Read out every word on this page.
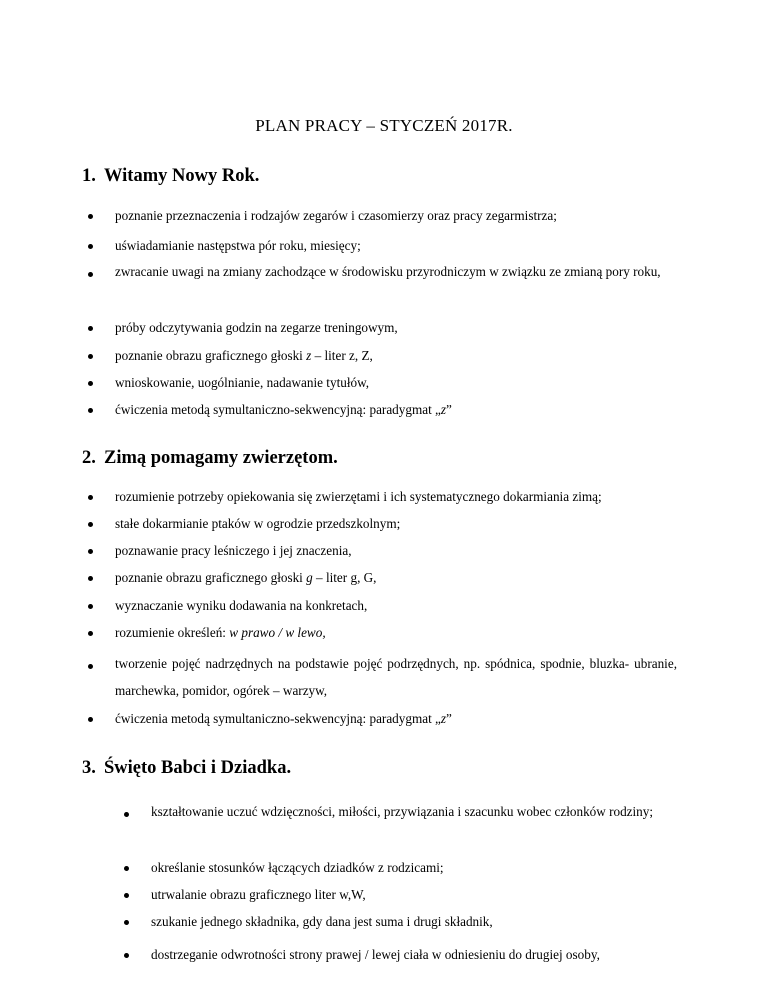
PLAN PRACY – STYCZEŃ 2017R.
1. Witamy Nowy Rok.
poznanie przeznaczenia i rodzajów zegarów i czasomierzy oraz pracy zegarmistrza;
uświadamianie następstwa pór roku, miesięcy;
zwracanie uwagi na zmiany zachodzące w środowisku przyrodniczym w związku ze zmianą pory roku,
próby odczytywania godzin na zegarze treningowym,
poznanie obrazu graficznego głoski z – liter z, Z,
wnioskowanie, uogólnianie, nadawanie tytułów,
ćwiczenia metodą symultaniczno-sekwencyjną: paradygmat „z”
2. Zimą pomagamy zwierzętom.
rozumienie potrzeby opiekowania się zwierzętami i ich systematycznego dokarmiania zimą;
stałe dokarmianie ptaków w ogrodzie przedszkolnym;
poznawanie pracy leśniczego i jej znaczenia,
poznanie obrazu graficznego głoski g – liter g, G,
wyznaczanie wyniku dodawania na konkretach,
rozumienie określeń: w prawo / w lewo,
tworzenie pojęć nadrzędnych na podstawie pojęć podrzędnych, np. spódnica, spodnie, bluzka- ubranie, marchewka, pomidor, ogórek – warzyw,
ćwiczenia metodą symultaniczno-sekwencyjną: paradygmat „z”
3. Święto Babci i Dziadka.
kształtowanie uczuć wdzięczności, miłości, przywiązania i szacunku wobec członków rodziny;
określanie stosunków łączących dziadków z rodzicami;
utrwalanie obrazu graficznego liter w,W,
szukanie jednego składnika, gdy dana jest suma i drugi składnik,
dostrzeganie odwrotności strony prawej / lewej ciała w odniesieniu do drugiej osoby,
